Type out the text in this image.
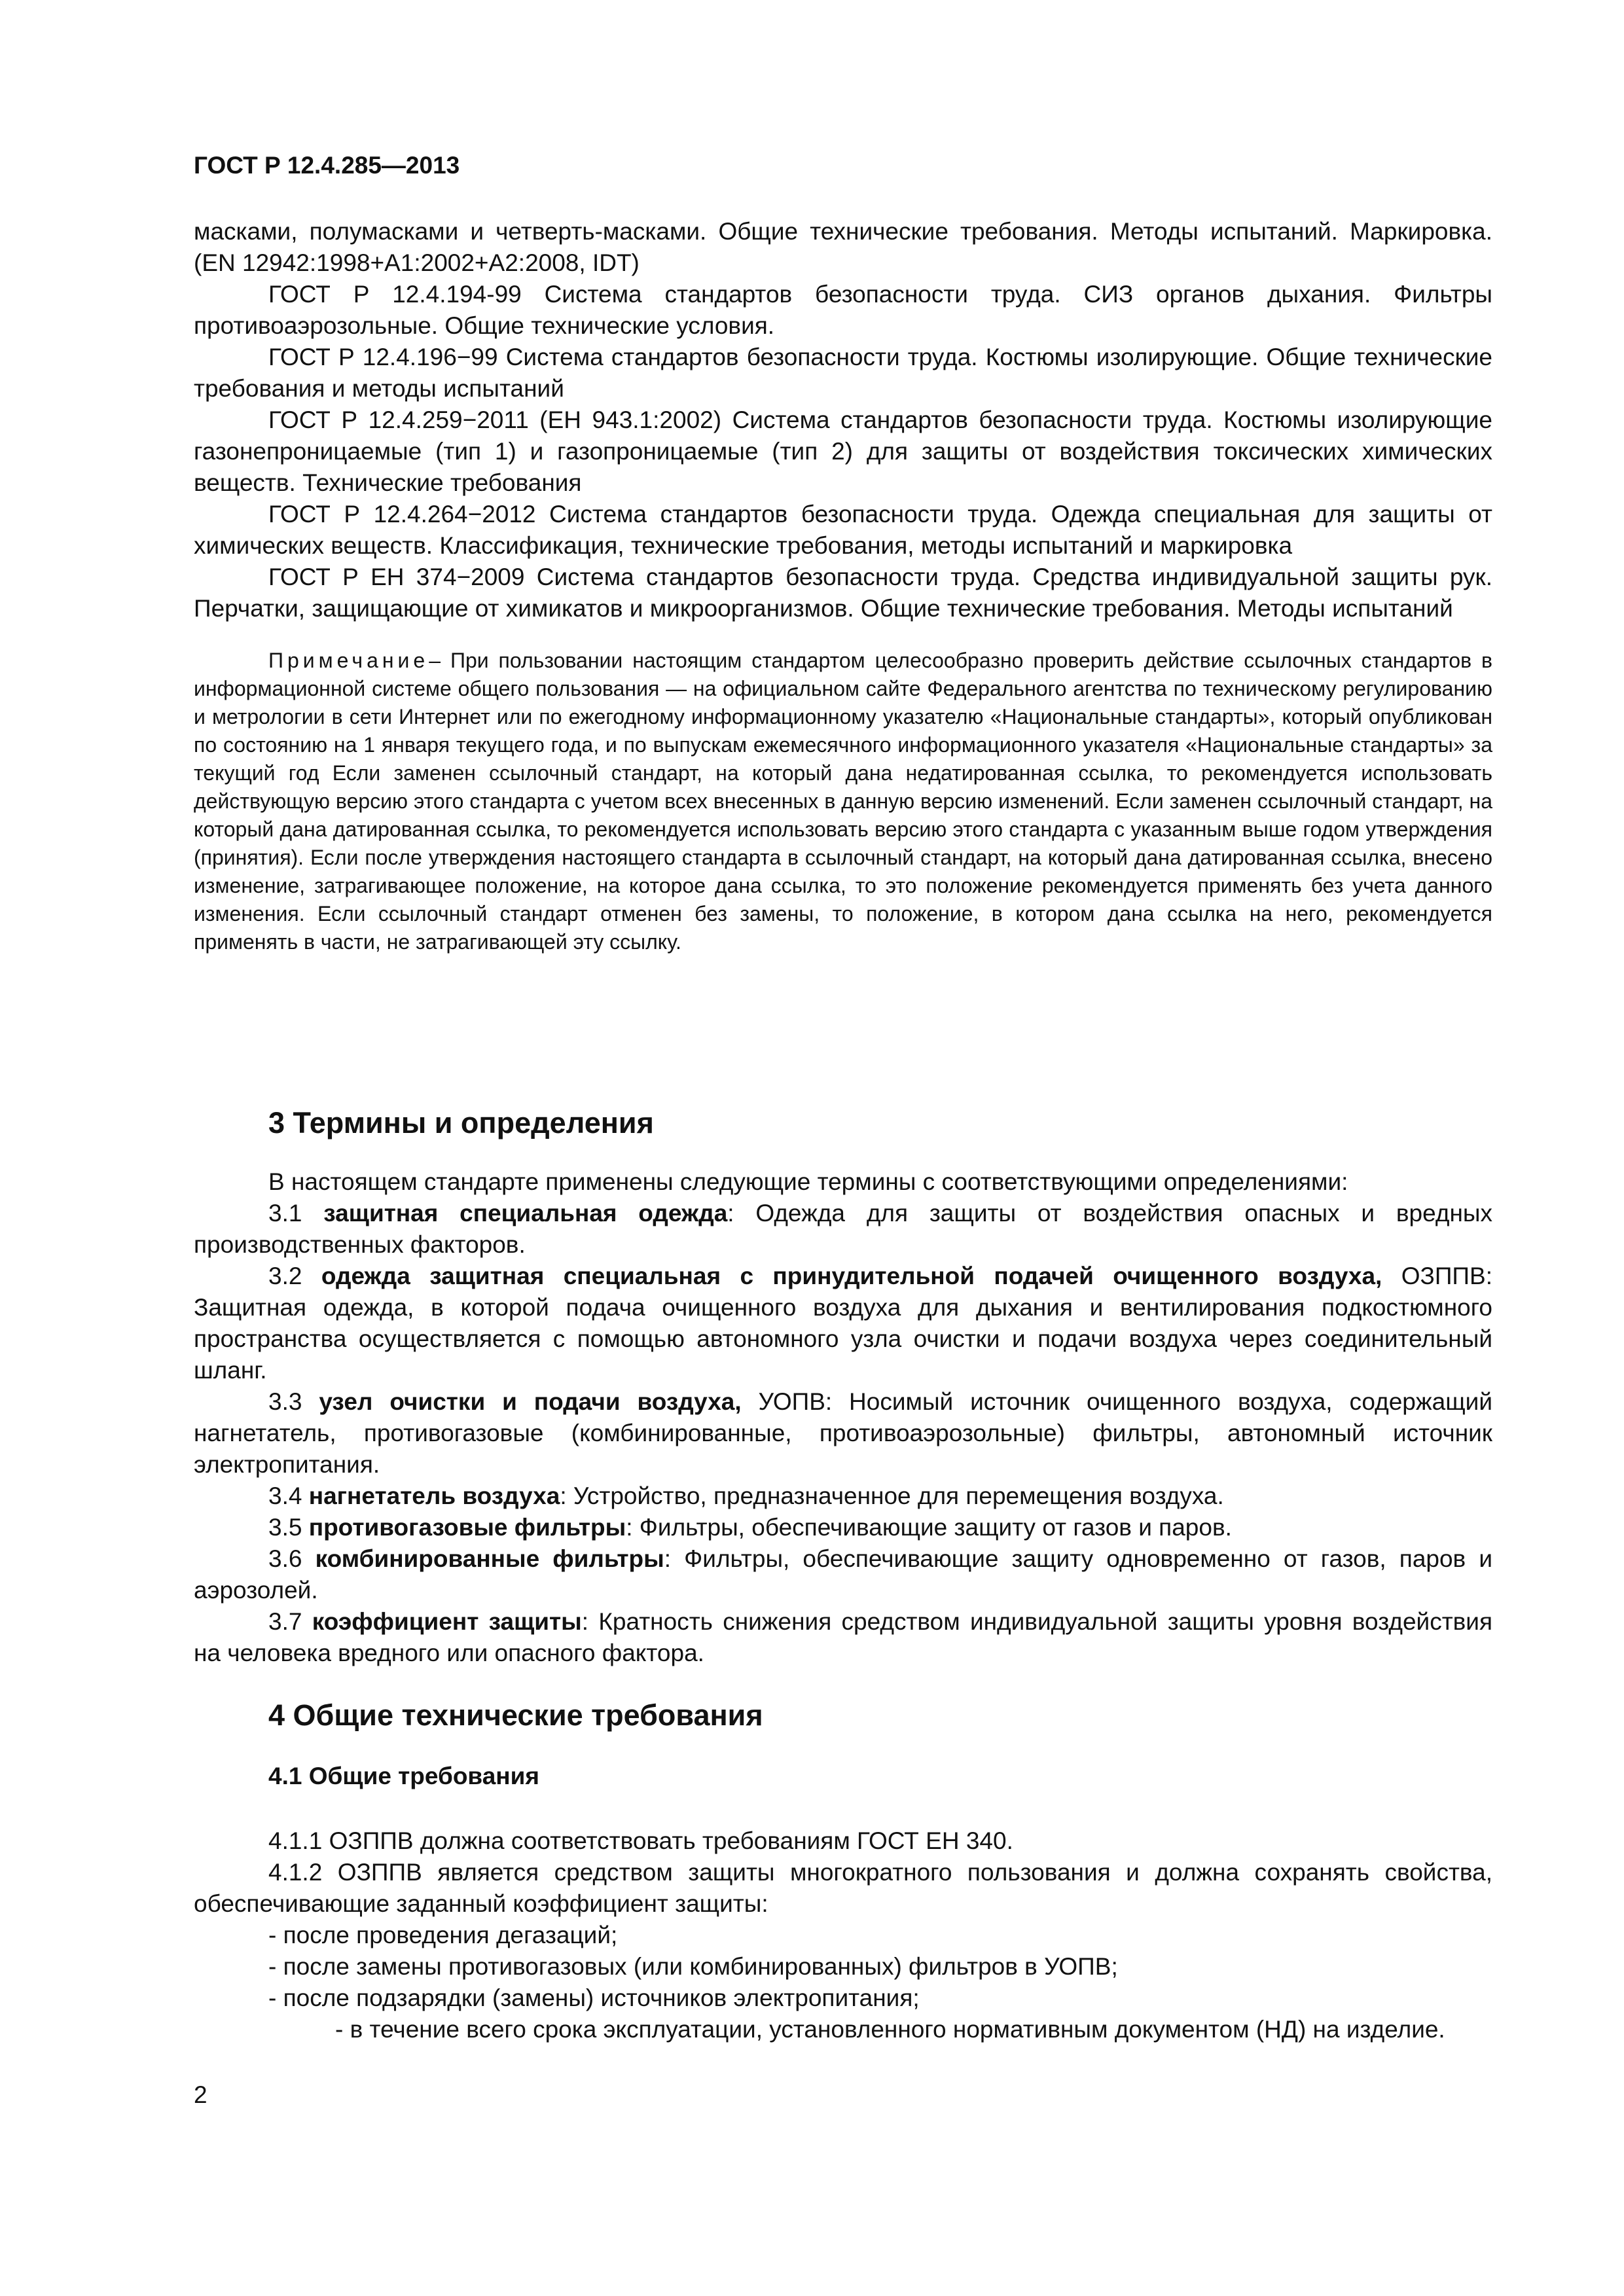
ГОСТ Р 12.4.285—2013

масками, полумасками и четверть-масками. Общие технические требования. Методы испытаний. Маркировка. (EN 12942:1998+A1:2002+A2:2008, IDT)

ГОСТ Р 12.4.194-99 Система стандартов безопасности труда. СИЗ органов дыхания. Фильтры противоаэрозольные. Общие технические условия.

ГОСТ Р 12.4.196−99 Система стандартов безопасности труда. Костюмы изолирующие. Общие технические требования и методы испытаний

ГОСТ Р 12.4.259−2011 (ЕН 943.1:2002) Система стандартов безопасности труда. Костюмы изолирующие газонепроницаемые (тип 1) и газопроницаемые (тип 2) для защиты от воздействия токсических химических веществ. Технические требования

ГОСТ Р 12.4.264−2012 Система стандартов безопасности труда. Одежда специальная для защиты от химических веществ. Классификация, технические требования, методы испытаний и маркировка

ГОСТ Р ЕН 374−2009 Система стандартов безопасности труда. Средства индивидуальной защиты рук. Перчатки, защищающие от химикатов и микроорганизмов. Общие технические требования. Методы испытаний

Примечание– При пользовании настоящим стандартом целесообразно проверить действие ссылочных стандартов в информационной системе общего пользования — на официальном сайте Федерального агентства по техническому регулированию и метрологии в сети Интернет или по ежегодному информационному указателю «Национальные стандарты», который опубликован по состоянию на 1 января текущего года, и по выпускам ежемесячного информационного указателя «Национальные стандарты» за текущий год Если заменен ссылочный стандарт, на который дана недатированная ссылка, то рекомендуется использовать действующую версию этого стандарта с учетом всех внесенных в данную версию изменений. Если заменен ссылочный стандарт, на который дана датированная ссылка, то рекомендуется использовать версию этого стандарта с указанным выше годом утверждения (принятия). Если после утверждения настоящего стандарта в ссылочный стандарт, на который дана датированная ссылка, внесено изменение, затрагивающее положение, на которое дана ссылка, то это положение рекомендуется применять без учета данного изменения. Если ссылочный стандарт отменен без замены, то положение, в котором дана ссылка на него, рекомендуется применять в части, не затрагивающей эту ссылку.

3 Термины и определения

В настоящем стандарте применены следующие термины с соответствующими определениями:

3.1 защитная специальная одежда: Одежда для защиты от воздействия опасных и вредных производственных факторов.

3.2 одежда защитная специальная с принудительной подачей очищенного воздуха, ОЗППВ: Защитная одежда, в которой подача очищенного воздуха для дыхания и вентилирования подкостюмного пространства осуществляется с помощью автономного узла очистки и подачи воздуха через соединительный шланг.

3.3 узел очистки и подачи воздуха, УОПВ: Носимый источник очищенного воздуха, содержащий нагнетатель, противогазовые (комбинированные, противоаэрозольные) фильтры, автономный источник электропитания.

3.4 нагнетатель воздуха: Устройство, предназначенное для перемещения воздуха.

3.5 противогазовые фильтры: Фильтры, обеспечивающие защиту от газов и паров.

3.6 комбинированные фильтры: Фильтры, обеспечивающие защиту одновременно от газов, паров и аэрозолей.

3.7 коэффициент защиты: Кратность снижения средством индивидуальной защиты уровня воздействия на человека вредного или опасного фактора.

4 Общие технические требования
4.1 Общие требования

4.1.1 ОЗППВ должна соответствовать требованиям ГОСТ ЕН 340.

4.1.2 ОЗППВ является средством защиты многократного пользования и должна сохранять свойства, обеспечивающие заданный коэффициент защиты:

- после проведения дегазаций;

- после замены противогазовых (или комбинированных) фильтров в УОПВ;

- после подзарядки (замены) источников электропитания;

- в течение всего срока эксплуатации, установленного нормативным документом (НД) на изделие.

2
